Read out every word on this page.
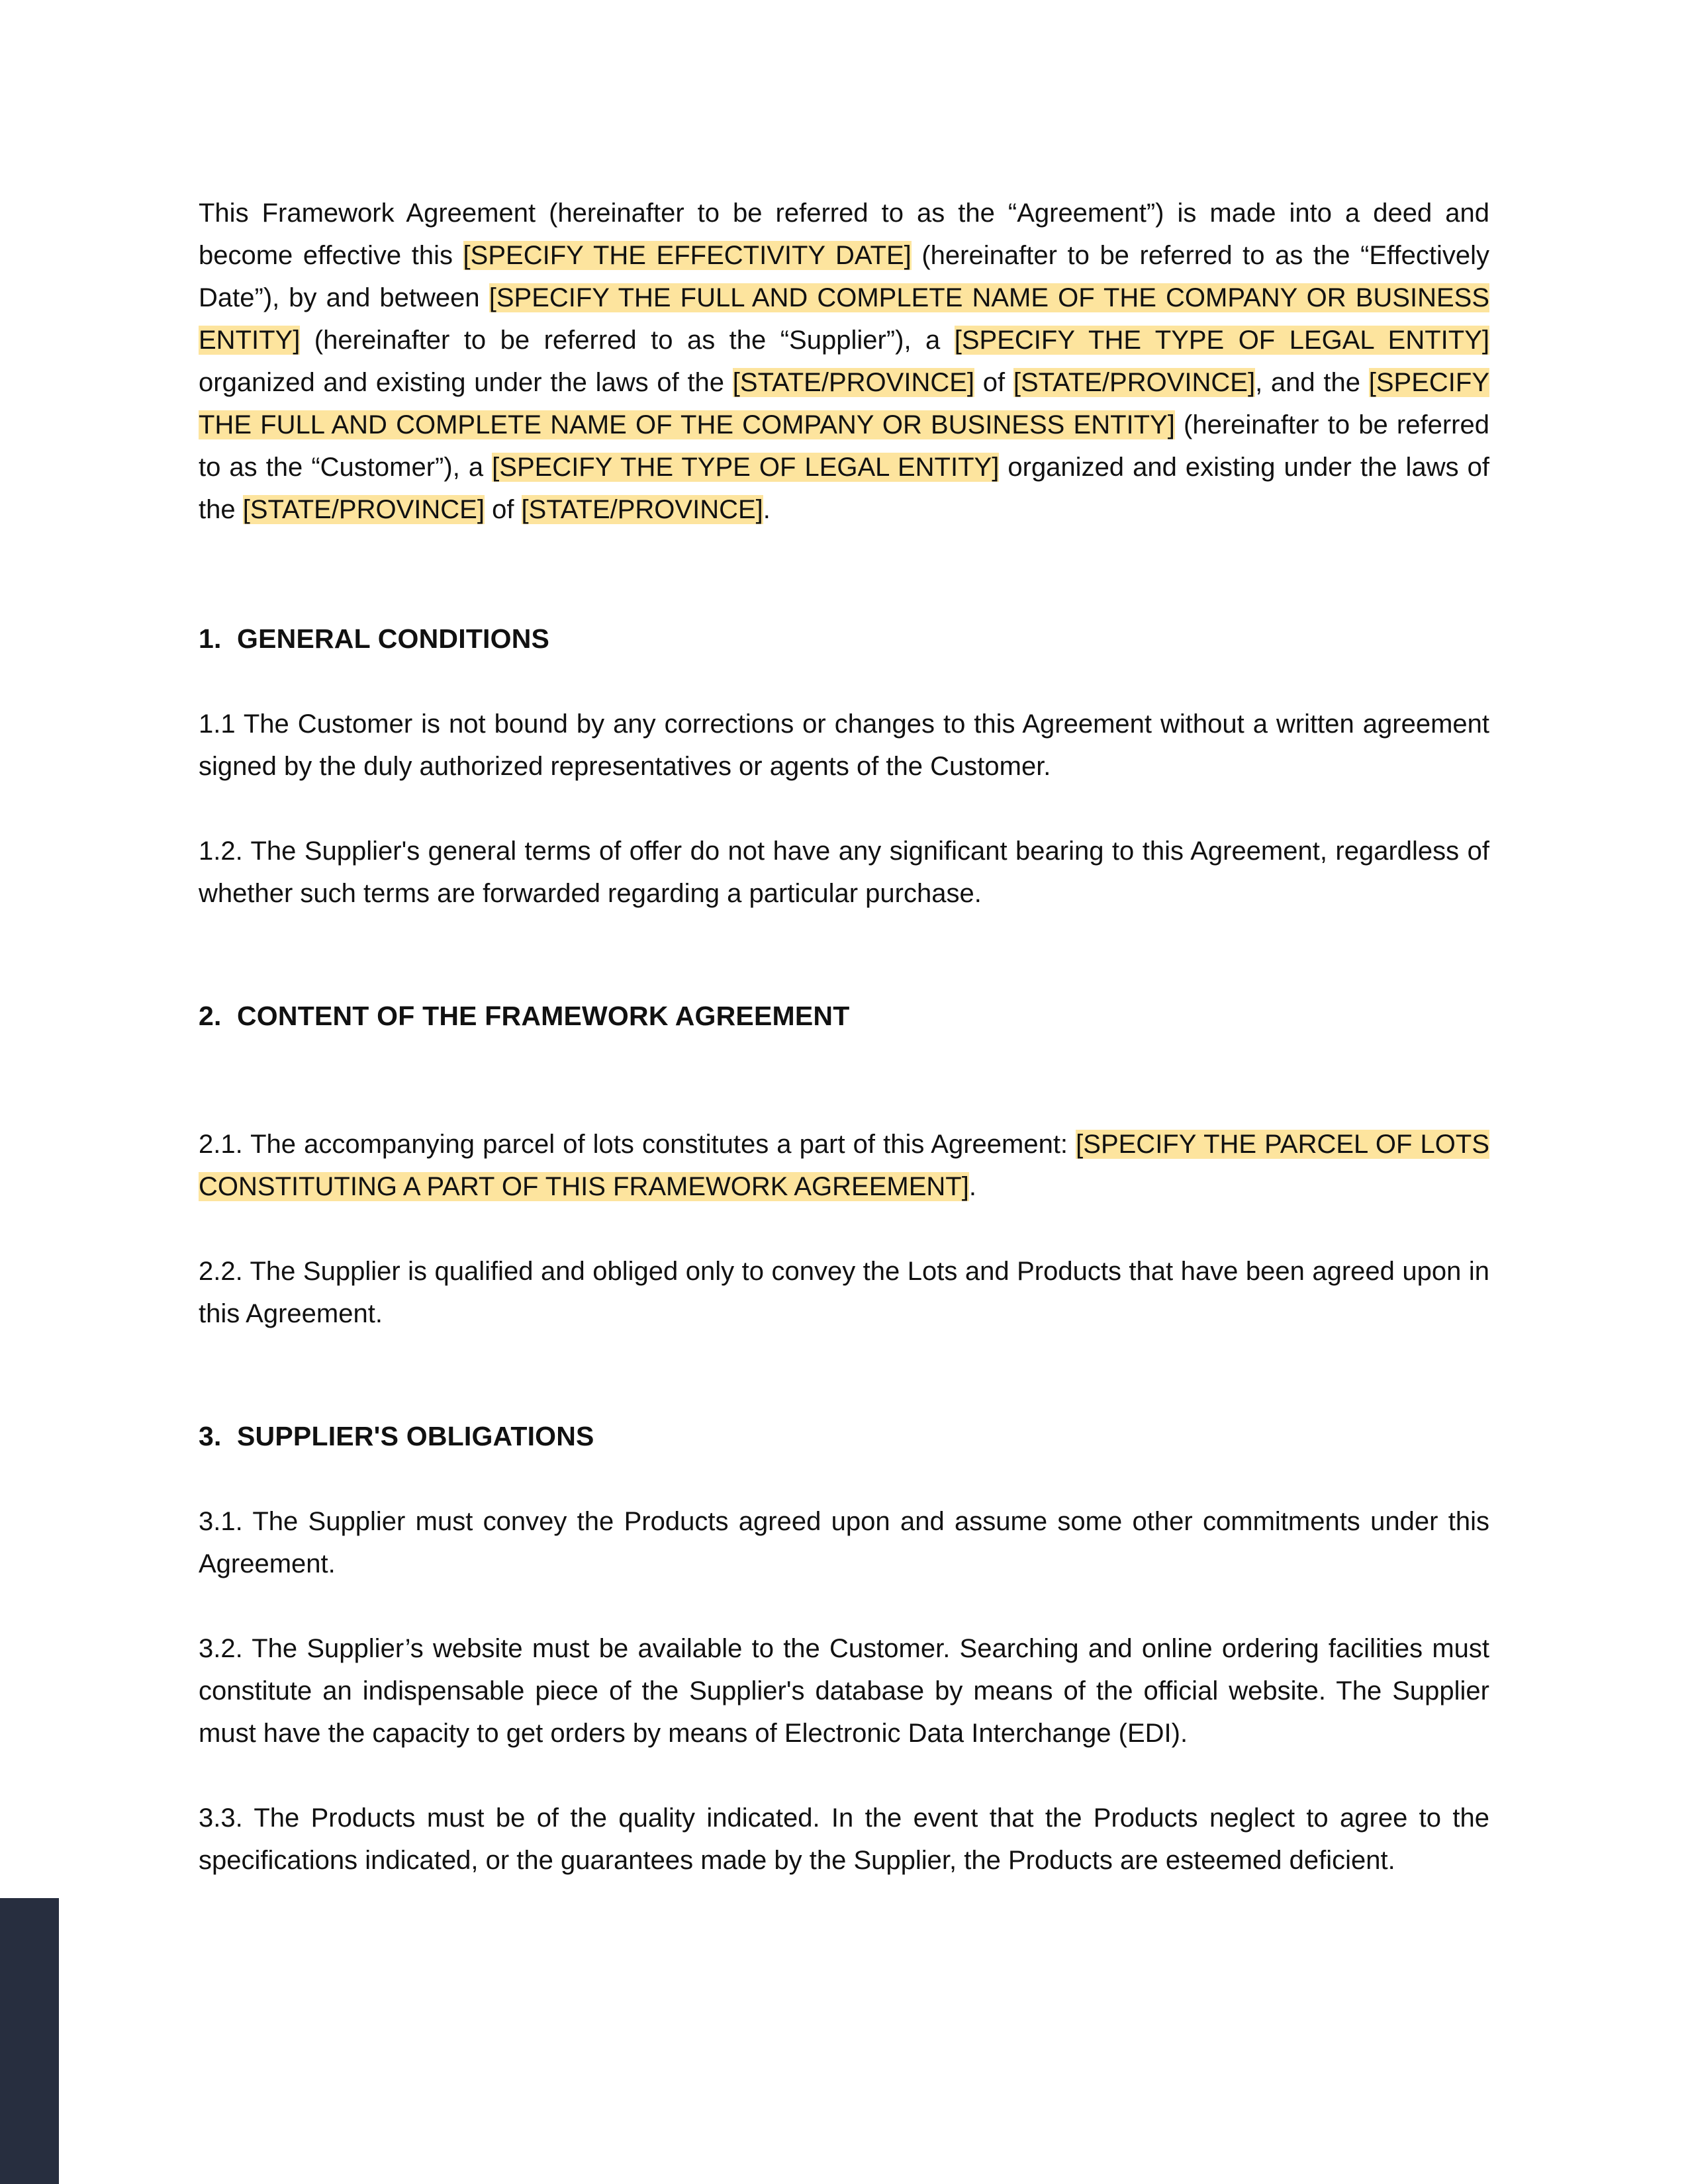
This Framework Agreement (hereinafter to be referred to as the “Agreement”) is made into a deed and become effective this [SPECIFY THE EFFECTIVITY DATE] (hereinafter to be referred to as the “Effectively Date”), by and between [SPECIFY THE FULL AND COMPLETE NAME OF THE COMPANY OR BUSINESS ENTITY] (hereinafter to be referred to as the “Supplier”), a [SPECIFY THE TYPE OF LEGAL ENTITY] organized and existing under the laws of the [STATE/PROVINCE] of [STATE/PROVINCE], and the [SPECIFY THE FULL AND COMPLETE NAME OF THE COMPANY OR BUSINESS ENTITY] (hereinafter to be referred to as the “Customer”), a [SPECIFY THE TYPE OF LEGAL ENTITY] organized and existing under the laws of the [STATE/PROVINCE] of [STATE/PROVINCE].

1. GENERAL CONDITIONS

1.1 The Customer is not bound by any corrections or changes to this Agreement without a written agreement signed by the duly authorized representatives or agents of the Customer.

1.2. The Supplier's general terms of offer do not have any significant bearing to this Agreement, regardless of whether such terms are forwarded regarding a particular purchase.

2. CONTENT OF THE FRAMEWORK AGREEMENT

2.1. The accompanying parcel of lots constitutes a part of this Agreement: [SPECIFY THE PARCEL OF LOTS CONSTITUTING A PART OF THIS FRAMEWORK AGREEMENT].

2.2. The Supplier is qualified and obliged only to convey the Lots and Products that have been agreed upon in this Agreement.

3. SUPPLIER'S OBLIGATIONS

3.1. The Supplier must convey the Products agreed upon and assume some other commitments under this Agreement.

3.2. The Supplier’s website must be available to the Customer. Searching and online ordering facilities must constitute an indispensable piece of the Supplier's database by means of the official website. The Supplier must have the capacity to get orders by means of Electronic Data Interchange (EDI).

3.3. The Products must be of the quality indicated. In the event that the Products neglect to agree to the specifications indicated, or the guarantees made by the Supplier, the Products are esteemed deficient.
